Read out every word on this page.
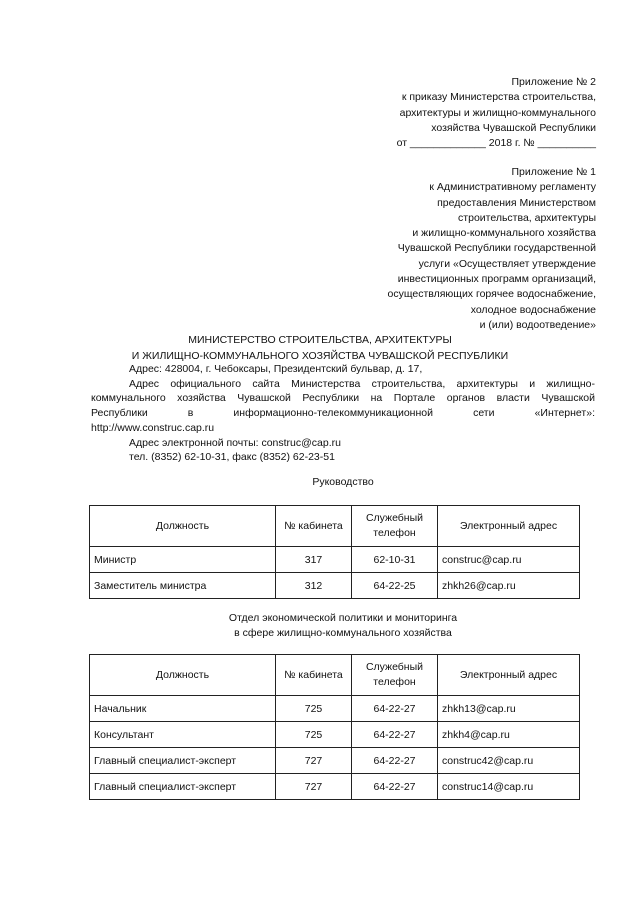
Приложение № 2
к приказу Министерства строительства,
архитектуры и жилищно-коммунального
хозяйства Чувашской Республики
от _____________ 2018 г. № __________
Приложение № 1
к Административному регламенту
предоставления Министерством
строительства, архитектуры
и жилищно-коммунального хозяйства
Чувашской Республики государственной
услуги «Осуществляет утверждение
инвестиционных программ организаций,
осуществляющих горячее водоснабжение,
холодное водоснабжение
и (или) водоотведение»
МИНИСТЕРСТВО СТРОИТЕЛЬСТВА, АРХИТЕКТУРЫ
И ЖИЛИЩНО-КОММУНАЛЬНОГО ХОЗЯЙСТВА ЧУВАШСКОЙ РЕСПУБЛИКИ
Адрес: 428004, г. Чебоксары, Президентский бульвар, д. 17,
Адрес официального сайта Министерства строительства, архитектуры и жилищно-
коммунального хозяйства Чувашской Республики на Портале органов власти Чувашской
Республики в информационно-телекоммуникационной сети «Интернет»:
http://www.construc.cap.ru
Адрес электронной почты: construc@cap.ru
тел. (8352) 62-10-31, факс (8352) 62-23-51
Руководство
Должность	№ кабинета	Служебный телефон	Электронный адрес
Министр	317	62-10-31	construc@cap.ru
Заместитель министра	312	64-22-25	zhkh26@cap.ru
Отдел экономической политики и мониторинга
в сфере жилищно-коммунального хозяйства
Должность	№ кабинета	Служебный телефон	Электронный адрес
Начальник	725	64-22-27	zhkh13@cap.ru
Консультант	725	64-22-27	zhkh4@cap.ru
Главный специалист-эксперт	727	64-22-27	construc42@cap.ru
Главный специалист-эксперт	727	64-22-27	construc14@cap.ru
